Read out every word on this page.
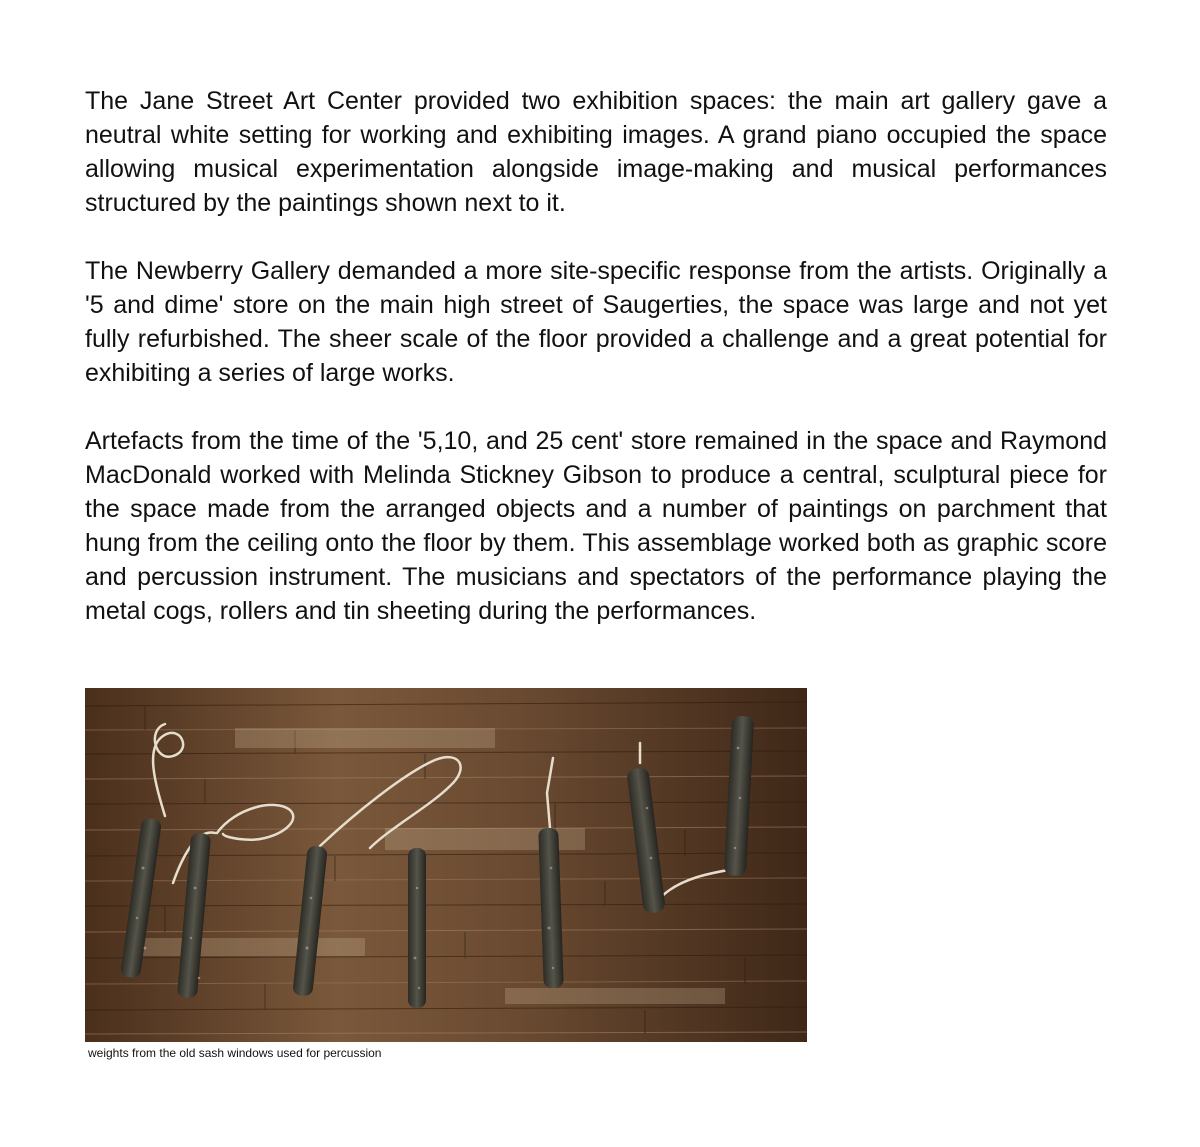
The Jane Street Art Center provided two exhibition spaces: the main art gallery gave a neutral white setting for working and exhibiting images. A grand piano occupied the space allowing musical experimentation alongside image-making and musical performances structured by the paintings shown next to it.

The Newberry Gallery demanded a more site-specific response from the artists. Originally a '5 and dime' store on the main high street of Saugerties, the space was large and not yet fully refurbished. The sheer scale of the floor provided a challenge and a great potential for exhibiting a series of large works.

Artefacts from the time of the '5,10, and 25 cent' store remained in the space and Raymond MacDonald worked with Melinda Stickney Gibson to produce a central, sculptural piece for the space made from the arranged objects and a number of paintings on parchment that hung from the ceiling onto the floor by them. This assemblage worked both as graphic score and percussion instrument. The musicians and spectators of the performance playing the metal cogs, rollers and tin sheeting during the performances.

weights from the old sash windows used for percussion
